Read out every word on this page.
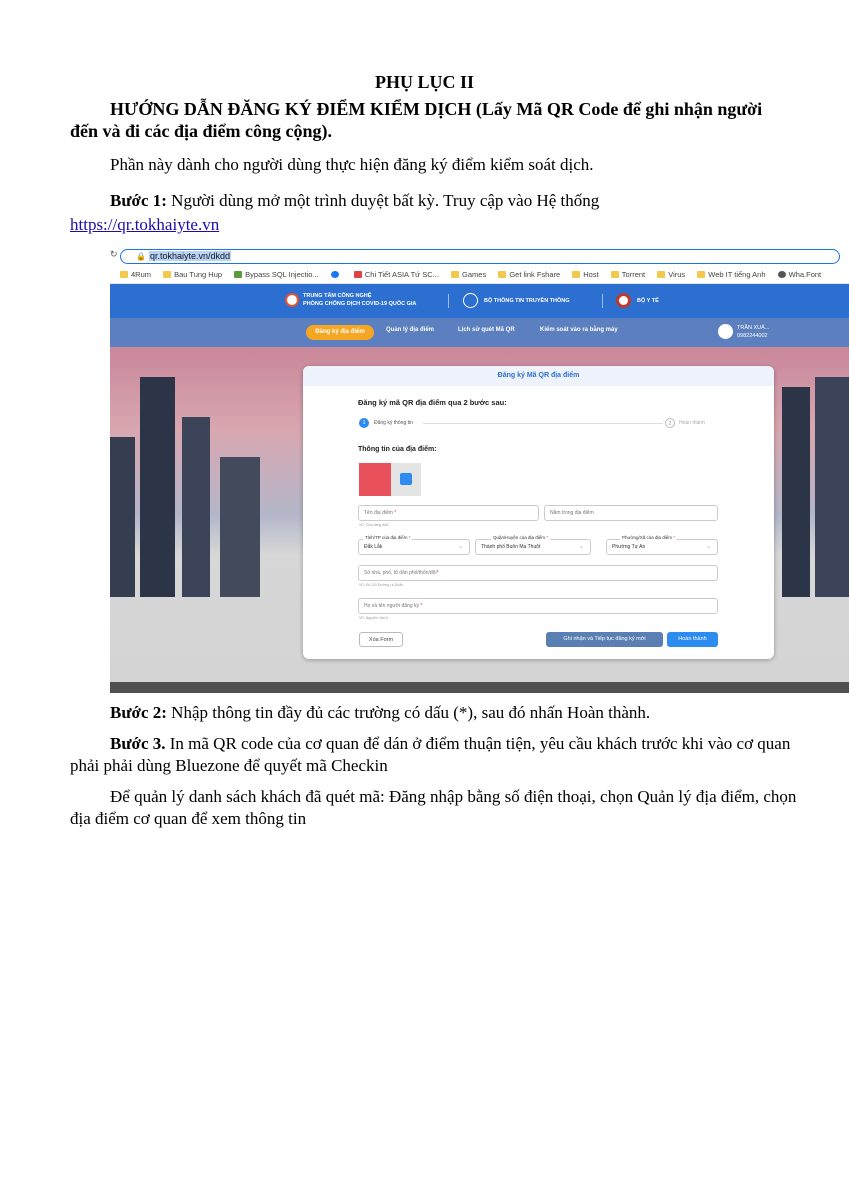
PHỤ LỤC II
HƯỚNG DẪN ĐĂNG KÝ ĐIỂM KIỂM DỊCH (Lấy Mã QR Code để ghi nhận người đến và đi các địa điểm công cộng).
Phần này dành cho người dùng thực hiện đăng ký điểm kiểm soát dịch.
Bước 1: Người dùng mở một trình duyệt bất kỳ. Truy cập vào Hệ thống
https://qr.tokhaiyte.vn
↻ 🔒 qr.tokhaiyte.vn/dkdd
4Rum	Bau Tung Hup	Bypass SQL Injectio...	Chi Tiết ASIA Tứ SC...	Games	Get link Fshare	Host	Torrent	Virus	Web IT tiếng Anh	Wha.Font
TRUNG TÂM CÔNG NGHỆ
PHÒNG CHỐNG DỊCH COVID-19 QUỐC GIA	BỘ THÔNG TIN TRUYỀN THÔNG	BỘ Y TẾ
Đăng ký địa điểm	Quản lý địa điểm	Lịch sử quét Mã QR	Kiểm soát vào ra bằng máy	TRẦN XUÂ...
0982244002
Đăng ký Mã QR địa điểm
Đăng ký mã QR địa điểm qua 2 bước sau:
1	Đăng ký thông tin	2	Hoàn thành
Thông tin của địa điểm:
Tên địa điểm *
VD: Cửa hàng ABC
Nằm trong địa điểm
Đắk Lắk	⌄
Tỉnh/TP của địa điểm *
Thành phố Buôn Ma Thuột	⌄
Quận/Huyện của địa điểm *
Phường Tự An	⌄
Phường/Xã của địa điểm *
Số nhà, phố, tổ dân phố/thôn/đội*
VD: Số 120 Đường Lê Duẩn
Họ và tên người đăng ký *
VD: Nguyễn Văn A
Xóa Form	Ghi nhận và Tiếp tục đăng ký mới	Hoàn thành
Bước 2: Nhập thông tin đầy đủ các trường có dấu (*), sau đó nhấn Hoàn thành.
Bước 3. In mã QR code của cơ quan để dán ở điểm thuận tiện, yêu cầu khách trước khi vào cơ quan phải phải dùng Bluezone để quyết mã Checkin
Để quản lý danh sách khách đã quét mã: Đăng nhập bằng số điện thoại, chọn Quản lý địa điểm, chọn địa điểm cơ quan để xem thông tin
